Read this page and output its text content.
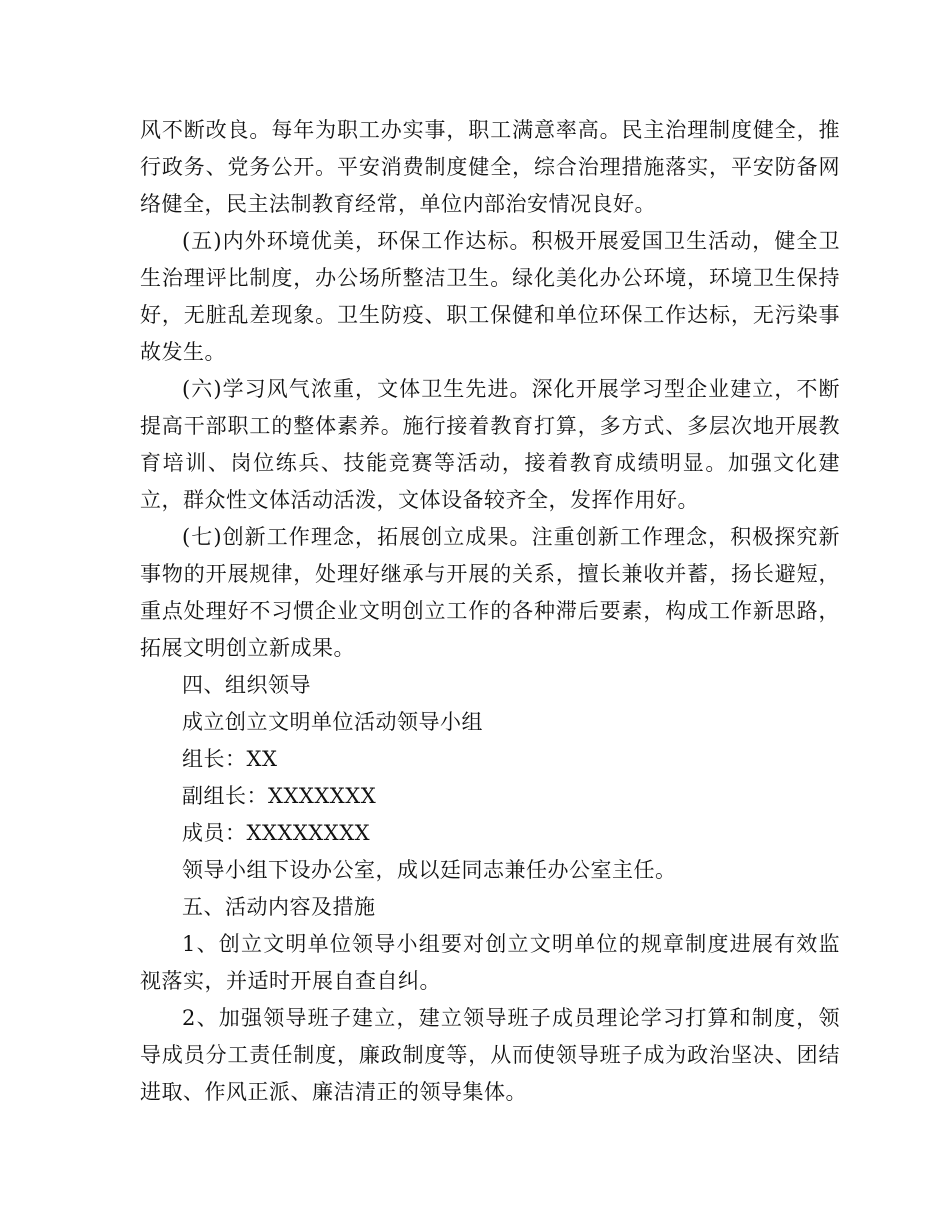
风不断改良。每年为职工办实事，职工满意率高。民主治理制度健全，推行政务、党务公开。平安消费制度健全，综合治理措施落实，平安防备网络健全，民主法制教育经常，单位内部治安情况良好。

(五)内外环境优美，环保工作达标。积极开展爱国卫生活动，健全卫生治理评比制度，办公场所整洁卫生。绿化美化办公环境，环境卫生保持好，无脏乱差现象。卫生防疫、职工保健和单位环保工作达标，无污染事故发生。

(六)学习风气浓重，文体卫生先进。深化开展学习型企业建立，不断提高干部职工的整体素养。施行接着教育打算，多方式、多层次地开展教育培训、岗位练兵、技能竞赛等活动，接着教育成绩明显。加强文化建立，群众性文体活动活泼，文体设备较齐全，发挥作用好。

(七)创新工作理念，拓展创立成果。注重创新工作理念，积极探究新事物的开展规律，处理好继承与开展的关系，擅长兼收并蓄，扬长避短，重点处理好不习惯企业文明创立工作的各种滞后要素，构成工作新思路，拓展文明创立新成果。

四、组织领导

成立创立文明单位活动领导小组

组长：XX

副组长：XXXXXXX

成员：XXXXXXXX

领导小组下设办公室，成以廷同志兼任办公室主任。

五、活动内容及措施

1、创立文明单位领导小组要对创立文明单位的规章制度进展有效监视落实，并适时开展自查自纠。

2、加强领导班子建立，建立领导班子成员理论学习打算和制度，领导成员分工责任制度，廉政制度等，从而使领导班子成为政治坚决、团结进取、作风正派、廉洁清正的领导集体。
